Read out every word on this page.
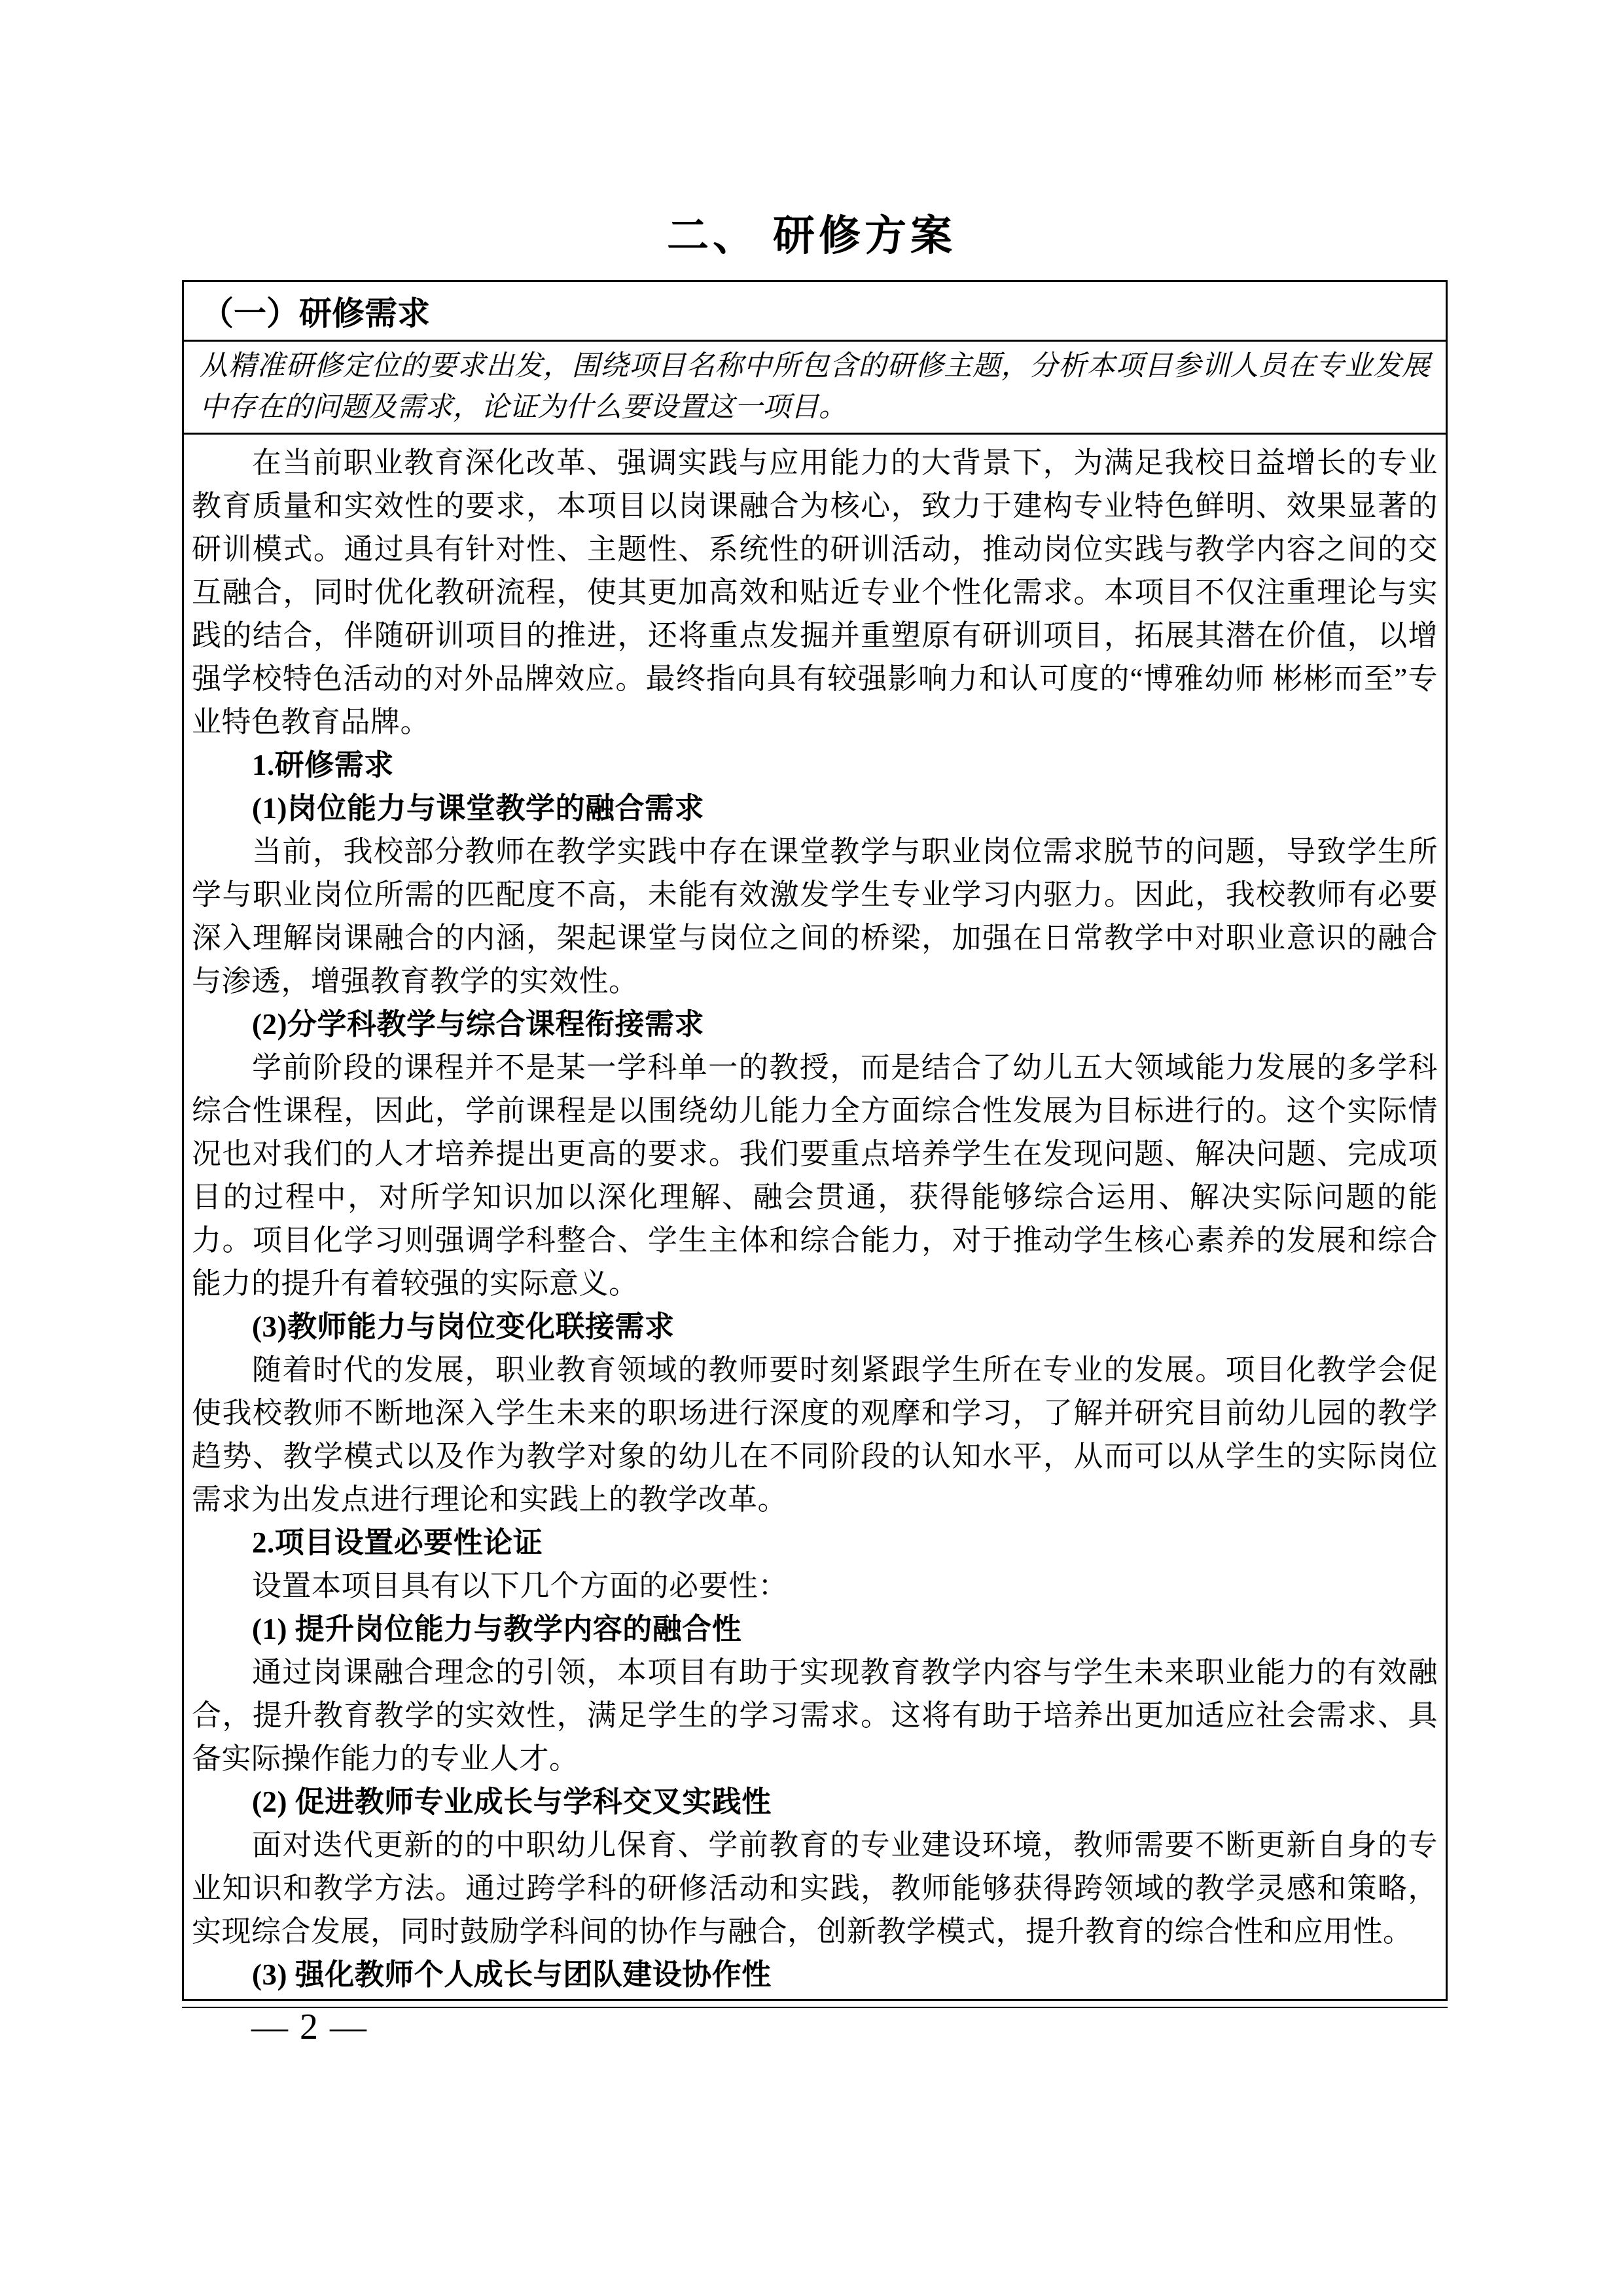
二、 研修方案
（一）研修需求

从精准研修定位的要求出发，围绕项目名称中所包含的研修主题，分析本项目参训人员在专业发展中存在的问题及需求，论证为什么要设置这一项目。

在当前职业教育深化改革、强调实践与应用能力的大背景下，为满足我校日益增长的专业教育质量和实效性的要求，本项目以岗课融合为核心，致力于建构专业特色鲜明、效果显著的研训模式。通过具有针对性、主题性、系统性的研训活动，推动岗位实践与教学内容之间的交互融合，同时优化教研流程，使其更加高效和贴近专业个性化需求。本项目不仅注重理论与实践的结合，伴随研训项目的推进，还将重点发掘并重塑原有研训项目，拓展其潜在价值，以增强学校特色活动的对外品牌效应。最终指向具有较强影响力和认可度的“博雅幼师 彬彬而至”专业特色教育品牌。

1.研修需求

(1)岗位能力与课堂教学的融合需求

当前，我校部分教师在教学实践中存在课堂教学与职业岗位需求脱节的问题，导致学生所学与职业岗位所需的匹配度不高，未能有效激发学生专业学习内驱力。因此，我校教师有必要深入理解岗课融合的内涵，架起课堂与岗位之间的桥梁，加强在日常教学中对职业意识的融合与渗透，增强教育教学的实效性。

(2)分学科教学与综合课程衔接需求

学前阶段的课程并不是某一学科单一的教授，而是结合了幼儿五大领域能力发展的多学科综合性课程，因此，学前课程是以围绕幼儿能力全方面综合性发展为目标进行的。这个实际情况也对我们的人才培养提出更高的要求。我们要重点培养学生在发现问题、解决问题、完成项目的过程中，对所学知识加以深化理解、融会贯通，获得能够综合运用、解决实际问题的能力。项目化学习则强调学科整合、学生主体和综合能力，对于推动学生核心素养的发展和综合能力的提升有着较强的实际意义。

(3)教师能力与岗位变化联接需求

随着时代的发展，职业教育领域的教师要时刻紧跟学生所在专业的发展。项目化教学会促使我校教师不断地深入学生未来的职场进行深度的观摩和学习，了解并研究目前幼儿园的教学趋势、教学模式以及作为教学对象的幼儿在不同阶段的认知水平，从而可以从学生的实际岗位需求为出发点进行理论和实践上的教学改革。

2.项目设置必要性论证

设置本项目具有以下几个方面的必要性：

(1) 提升岗位能力与教学内容的融合性

通过岗课融合理念的引领，本项目有助于实现教育教学内容与学生未来职业能力的有效融合，提升教育教学的实效性，满足学生的学习需求。这将有助于培养出更加适应社会需求、具备实际操作能力的专业人才。

(2) 促进教师专业成长与学科交叉实践性

面对迭代更新的的中职幼儿保育、学前教育的专业建设环境，教师需要不断更新自身的专业知识和教学方法。通过跨学科的研修活动和实践，教师能够获得跨领域的教学灵感和策略，实现综合发展，同时鼓励学科间的协作与融合，创新教学模式，提升教育的综合性和应用性。

(3) 强化教师个人成长与团队建设协作性

— 2 —
